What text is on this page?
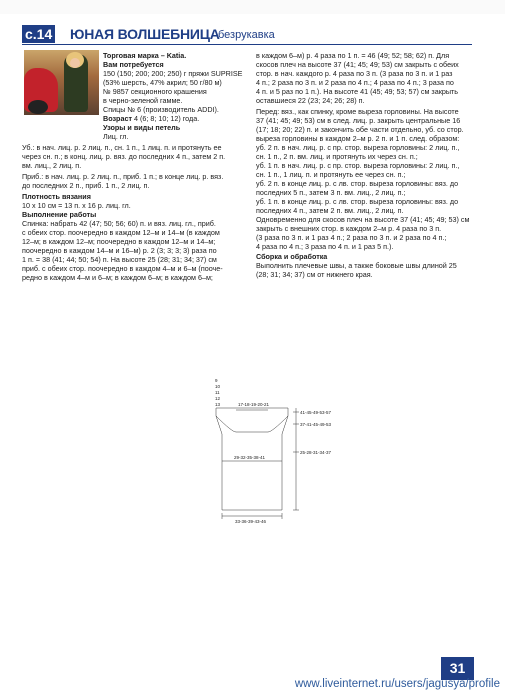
с.14 ЮНАЯ ВОЛШЕБНИЦА
безрукавка
Торговая марка – Katia.
Вам потребуется
150 (150; 200; 200; 250) г пряжи SUPRISE
(53% шерсть, 47% акрил; 50 г/80 м)
№ 9857 секционного крашения
в черно-зеленой гамме.
Спицы № 6 (производитель ADDI).
Возраст 4 (6; 8; 10; 12) года.
Узоры и виды петель
Лиц. гл.
Уб.: в нач. лиц. р. 2 лиц. п., сн. 1 п., 1 лиц. п. и протянуть ее
через сн. п.; в конц. лиц. р. вяз. до последних 4 п., затем 2 п.
вм. лиц., 2 лиц. п.
Приб.: в нач. лиц. р. 2 лиц. п., приб. 1 п.; в конце лиц. р. вяз.
до последних 2 п., приб. 1 п., 2 лиц. п.
Плотность вязания
10 х 10 см = 13 п. х 16 р. лиц. гл.
Выполнение работы
Спинка: набрать 42 (47; 50; 56; 60) п. и вяз. лиц. гл., приб.
с обеих стор. поочередно в каждом 12–м и 14–м (в каждом
12–м; в каждом 12–м; поочередно в каждом 12–м и 14–м;
поочередно в каждом 14–м и 16–м) р. 2 (3; 3; 3; 3) раза по
1 п. = 38 (41; 44; 50; 54) п. На высоте 25 (28; 31; 34; 37) см
приб. с обеих стор. поочередно в каждом 4–м и 6–м (пооче-
редно в каждом 4–м и 6–м; в каждом 6–м; в каждом 6–м;
в каждом 6–м) р. 4 раза по 1 п. = 46 (49; 52; 58; 62) п. Для
скосов плеч на высоте 37 (41; 45; 49; 53) см закрыть с обеих
стор. в нач. каждого р. 4 раза по 3 п. (3 раза по 3 п. и 1 раз
4 п.; 2 раза по 3 п. и 2 раза по 4 п.; 4 раза по 4 п.; 3 раза по
4 п. и 5 раз по 1 п.). На высоте 41 (45; 49; 53; 57) см закрыть
оставшиеся 22 (23; 24; 26; 28) п.
Перед: вяз., как спинку, кроме выреза горловины. На высоте
37 (41; 45; 49; 53) см в след. лиц. р. закрыть центральные 16
(17; 18; 20; 22) п. и закончить обе части отдельно, уб. со стор.
выреза горловины в каждом 2–м р. 2 п. и 1 п. след. образом:
уб. 2 п. в нач. лиц. р. с пр. стор. выреза горловины: 2 лиц. п.,
сн. 1 п., 2 п. вм. лиц. и протянуть их через сн. п.;
уб. 1 п. в нач. лиц. р. с пр. стор. выреза горловины: 2 лиц. п.,
сн. 1 п., 1 лиц. п. и протянуть ее через сн. п.;
уб. 2 п. в конце лиц. р. с лв. стор. выреза горловины: вяз. до
последних 5 п., затем 3 п. вм. лиц., 2 лиц. п.;
уб. 1 п. в конце лиц. р. с лв. стор. выреза горловины: вяз. до
последних 4 п., затем 2 п. вм. лиц., 2 лиц. п.
Одновременно для скосов плеч на высоте 37 (41; 45; 49; 53) см
закрыть с внешних стор. в каждом 2–м р. 4 раза по 3 п.
(3 раза по 3 п. и 1 раз 4 п.; 2 раза по 3 п. и 2 раза по 4 п.;
4 раза по 4 п.; 3 раза по 4 п. и 1 раз 5 п.).
Сборка и обработка
Выполнить плечевые швы, а также боковые швы длиной 25
(28; 31; 34; 37) см от нижнего края.
9
10
11
12
13	17-18-19-20-21
41-45-49-53-57
37-41-45-49-53
25-28-31-34-37
29-32-35-38-41
33-36-39-43-46
31
www.liveinternet.ru/users/jagusya/profile
